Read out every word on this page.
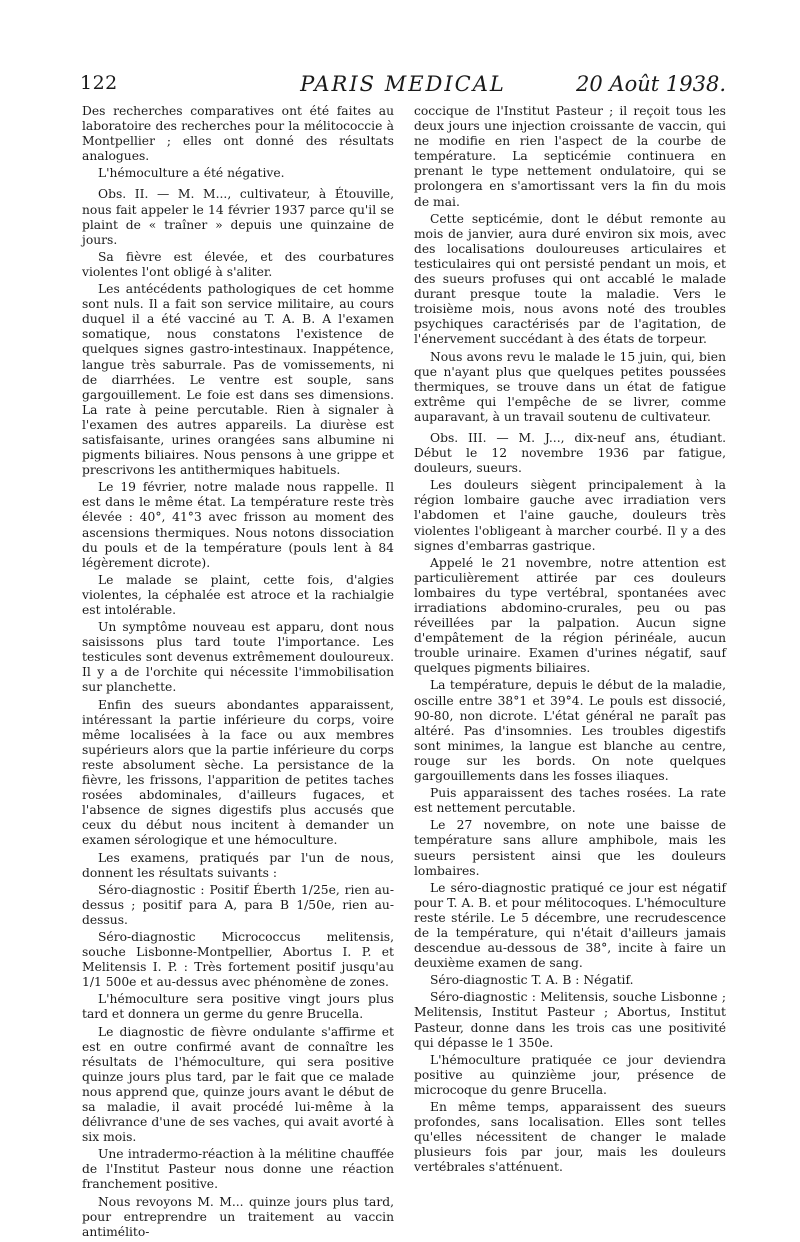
122	PARIS MEDICAL	20 Août 1938.

Des recherches comparatives ont été faites au laboratoire des recherches pour la mélitococcie à Montpellier ; elles ont donné des résultats analogues.

L'hémoculture a été négative.

Obs. II. — M. M..., cultivateur, à Étouville, nous fait appeler le 14 février 1937 parce qu'il se plaint de « traîner » depuis une quinzaine de jours.

Sa fièvre est élevée, et des courbatures violentes l'ont obligé à s'aliter.

Les antécédents pathologiques de cet homme sont nuls. Il a fait son service militaire, au cours duquel il a été vacciné au T. A. B. A l'examen somatique, nous constatons l'existence de quelques signes gastro-intestinaux. Inappétence, langue très saburrale. Pas de vomissements, ni de diarrhées. Le ventre est souple, sans gargouillement. Le foie est dans ses dimensions. La rate à peine percutable. Rien à signaler à l'examen des autres appareils. La diurèse est satisfaisante, urines orangées sans albumine ni pigments biliaires. Nous pensons à une grippe et prescrivons les antithermiques habituels.

Le 19 février, notre malade nous rappelle. Il est dans le même état. La température reste très élevée : 40°, 41°3 avec frisson au moment des ascensions thermiques. Nous notons dissociation du pouls et de la température (pouls lent à 84 légèrement dicrote).

Le malade se plaint, cette fois, d'algies violentes, la céphalée est atroce et la rachialgie est intolérable.

Un symptôme nouveau est apparu, dont nous saisissons plus tard toute l'importance. Les testicules sont devenus extrêmement douloureux. Il y a de l'orchite qui nécessite l'immobilisation sur planchette.

Enfin des sueurs abondantes apparaissent, intéressant la partie inférieure du corps, voire même localisées à la face ou aux membres supérieurs alors que la partie inférieure du corps reste absolument sèche. La persistance de la fièvre, les frissons, l'apparition de petites taches rosées abdominales, d'ailleurs fugaces, et l'absence de signes digestifs plus accusés que ceux du début nous incitent à demander un examen sérologique et une hémoculture.

Les examens, pratiqués par l'un de nous, donnent les résultats suivants :

Séro-diagnostic : Positif Éberth 1/25e, rien au-dessus ; positif para A, para B 1/50e, rien au-dessus.

Séro-diagnostic Micrococcus melitensis, souche Lisbonne-Montpellier, Abortus I. P. et Melitensis I. P. : Très fortement positif jusqu'au 1/1 500e et au-dessus avec phénomène de zones.

L'hémoculture sera positive vingt jours plus tard et donnera un germe du genre Brucella.

Le diagnostic de fièvre ondulante s'affirme et est en outre confirmé avant de connaître les résultats de l'hémoculture, qui sera positive quinze jours plus tard, par le fait que ce malade nous apprend que, quinze jours avant le début de sa maladie, il avait procédé lui-même à la délivrance d'une de ses vaches, qui avait avorté à six mois.

Une intradermo-réaction à la mélitine chauffée de l'Institut Pasteur nous donne une réaction franchement positive.

Nous revoyons M. M... quinze jours plus tard, pour entreprendre un traitement au vaccin antimélito-

coccique de l'Institut Pasteur ; il reçoit tous les deux jours une injection croissante de vaccin, qui ne modifie en rien l'aspect de la courbe de température. La septicémie continuera en prenant le type nettement ondulatoire, qui se prolongera en s'amortissant vers la fin du mois de mai.

Cette septicémie, dont le début remonte au mois de janvier, aura duré environ six mois, avec des localisations douloureuses articulaires et testiculaires qui ont persisté pendant un mois, et des sueurs profuses qui ont accablé le malade durant presque toute la maladie. Vers le troisième mois, nous avons noté des troubles psychiques caractérisés par de l'agitation, de l'énervement succédant à des états de torpeur.

Nous avons revu le malade le 15 juin, qui, bien que n'ayant plus que quelques petites poussées thermiques, se trouve dans un état de fatigue extrême qui l'empêche de se livrer, comme auparavant, à un travail soutenu de cultivateur.

Obs. III. — M. J..., dix-neuf ans, étudiant. Début le 12 novembre 1936 par fatigue, douleurs, sueurs.

Les douleurs siègent principalement à la région lombaire gauche avec irradiation vers l'abdomen et l'aine gauche, douleurs très violentes l'obligeant à marcher courbé. Il y a des signes d'embarras gastrique.

Appelé le 21 novembre, notre attention est particulièrement attirée par ces douleurs lombaires du type vertébral, spontanées avec irradiations abdomino-crurales, peu ou pas réveillées par la palpation. Aucun signe d'empâtement de la région périnéale, aucun trouble urinaire. Examen d'urines négatif, sauf quelques pigments biliaires.

La température, depuis le début de la maladie, oscille entre 38°1 et 39°4. Le pouls est dissocié, 90-80, non dicrote. L'état général ne paraît pas altéré. Pas d'insomnies. Les troubles digestifs sont minimes, la langue est blanche au centre, rouge sur les bords. On note quelques gargouillements dans les fosses iliaques.

Puis apparaissent des taches rosées. La rate est nettement percutable.

Le 27 novembre, on note une baisse de température sans allure amphibole, mais les sueurs persistent ainsi que les douleurs lombaires.

Le séro-diagnostic pratiqué ce jour est négatif pour T. A. B. et pour mélitocoques. L'hémoculture reste stérile. Le 5 décembre, une recrudescence de la température, qui n'était d'ailleurs jamais descendue au-dessous de 38°, incite à faire un deuxième examen de sang.

Séro-diagnostic T. A. B : Négatif.

Séro-diagnostic : Melitensis, souche Lisbonne ; Melitensis, Institut Pasteur ; Abortus, Institut Pasteur, donne dans les trois cas une positivité qui dépasse le 1 350e.

L'hémoculture pratiquée ce jour deviendra positive au quinzième jour, présence de microcoque du genre Brucella.

En même temps, apparaissent des sueurs profondes, sans localisation. Elles sont telles qu'elles nécessitent de changer le malade plusieurs fois par jour, mais les douleurs vertébrales s'atténuent.
